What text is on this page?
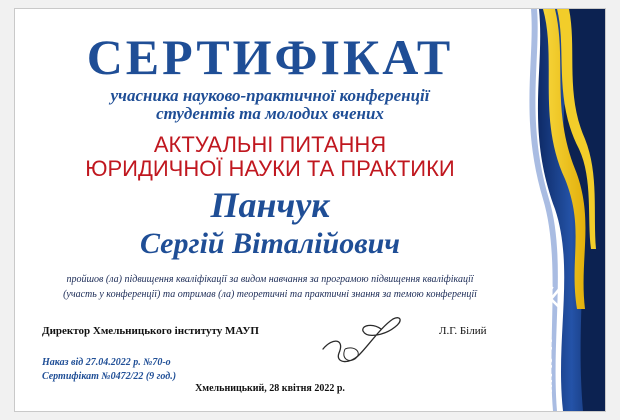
МАУП
СЕРТИФІКАТ
учасника науково-практичної конференції
студентів та молодих вчених
АКТУАЛЬНІ ПИТАННЯ
ЮРИДИЧНОЇ НАУКИ ТА ПРАКТИКИ
Панчук
Сергій Віталійович
пройшов (ла) підвищення кваліфікації за видом навчання за програмою підвищення кваліфікації
(участь у конференції) та отримав (ла) теоретичні та практичні знання за темою конференції
Директор Хмельницького інституту МАУП	Л.Г. Білий
Наказ від 27.04.2022 р. №70-о
Сертифікат №0472/22 (9 год.)
Хмельницький, 28 квітня 2022 р.
